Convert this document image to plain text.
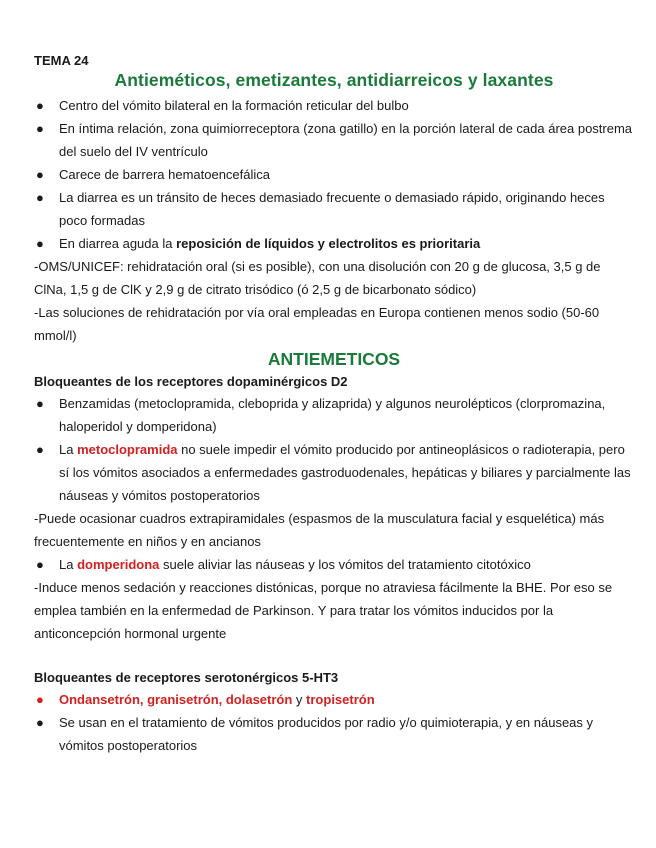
TEMA 24
Antieméticos, emetizantes, antidiarreicos y laxantes
● Centro del vómito bilateral en la formación reticular del bulbo
● En íntima relación, zona quimiorreceptora (zona gatillo) en la porción lateral de cada área postrema del suelo del IV ventrículo
● Carece de barrera hematoencefálica
● La diarrea es un tránsito de heces demasiado frecuente o demasiado rápido, originando heces poco formadas
● En diarrea aguda la reposición de líquidos y electrolitos es prioritaria

-OMS/UNICEF: rehidratación oral (si es posible), con una disolución con 20 g de glucosa, 3,5 g de ClNa, 1,5 g de ClK y 2,9 g de citrato trisódico (ó 2,5 g de bicarbonato sódico)

-Las soluciones de rehidratación por vía oral empleadas en Europa contienen menos sodio (50-60 mmol/l)

ANTIEMETICOS
Bloqueantes de los receptores dopaminérgicos D2
● Benzamidas (metoclopramida, clebоprida y alizaprida) y algunos neurolépticos (clorpromazina, haloperidol y domperidona)
● La metoclopramida no suele impedir el vómito producido por antineoplásicos o radioterapia, pero sí los vómitos asociados a enfermedades gastroduodenales, hepáticas y biliares y parcialmente las náuseas y vómitos postoperatorios

-Puede ocasionar cuadros extrapiramidales (espasmos de la musculatura facial y esquelética) más frecuentemente en niños y en ancianos

● La domperidona suele aliviar las náuseas y los vómitos del tratamiento citotóxico

-Induce menos sedación y reacciones distónicas, porque no atraviesa fácilmente la BHE. Por eso se emplea también en la enfermedad de Parkinson. Y para tratar los vómitos inducidos por la anticoncepción hormonal urgente

Bloqueantes de receptores serotonérgicos 5-HT3
● Ondansetrón, granisetrón, dolasetrón y tropisetrón
● Se usan en el tratamiento de vómitos producidos por radio y/o quimioterapia, y en náuseas y vómitos postoperatorios
